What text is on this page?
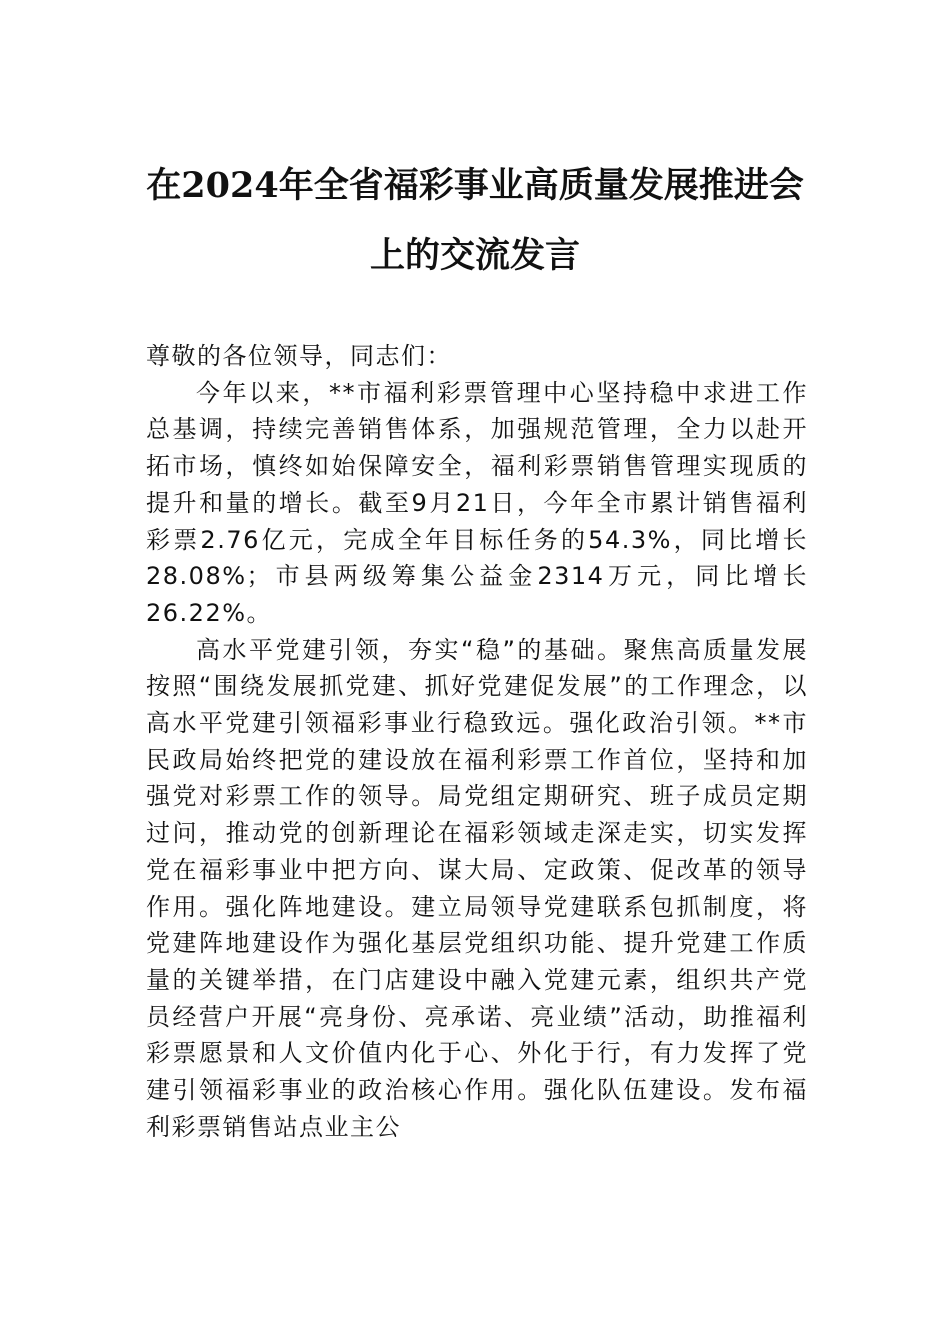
在2024年全省福彩事业高质量发展推进会
上的交流发言

尊敬的各位领导，同志们：

今年以来，**市福利彩票管理中心坚持稳中求进工作总基调，持续完善销售体系，加强规范管理，全力以赴开拓市场，慎终如始保障安全，福利彩票销售管理实现质的提升和量的增长。截至9月21日，今年全市累计销售福利彩票2.76亿元，完成全年目标任务的54.3%，同比增长28.08%；市县两级筹集公益金2314万元，同比增长26.22%。

高水平党建引领，夯实“稳”的基础。聚焦高质量发展按照“围绕发展抓党建、抓好党建促发展”的工作理念，以高水平党建引领福彩事业行稳致远。强化政治引领。**市民政局始终把党的建设放在福利彩票工作首位，坚持和加强党对彩票工作的领导。局党组定期研究、班子成员定期过问，推动党的创新理论在福彩领域走深走实，切实发挥党在福彩事业中把方向、谋大局、定政策、促改革的领导作用。强化阵地建设。建立局领导党建联系包抓制度，将党建阵地建设作为强化基层党组织功能、提升党建工作质量的关键举措，在门店建设中融入党建元素，组织共产党员经营户开展“亮身份、亮承诺、亮业绩”活动，助推福利彩票愿景和人文价值内化于心、外化于行，有力发挥了党建引领福彩事业的政治核心作用。强化队伍建设。发布福利彩票销售站点业主公
